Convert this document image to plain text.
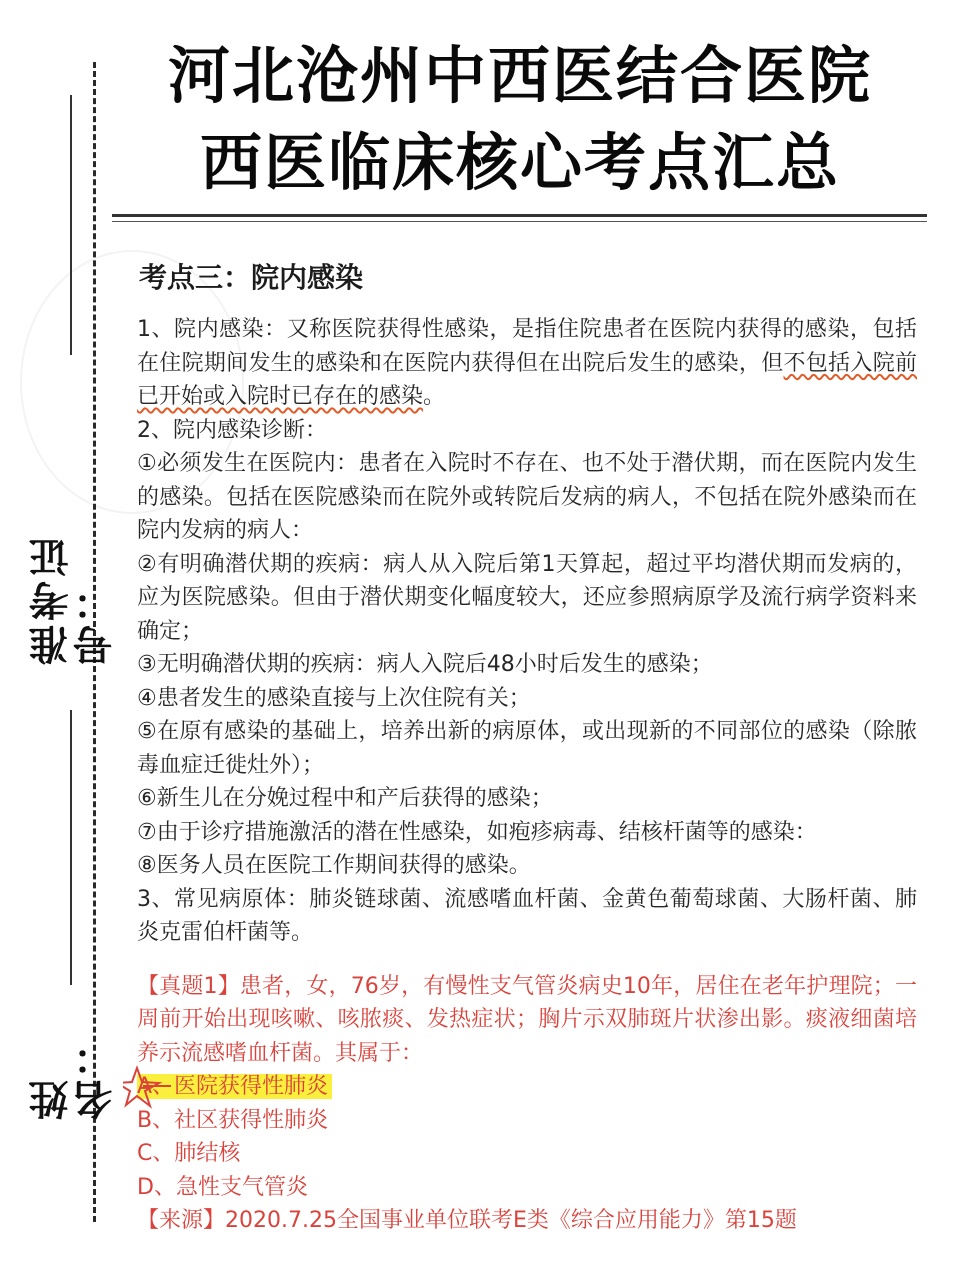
准考证号：
姓名：
河北沧州中西医结合医院
西医临床核心考点汇总
考点三：院内感染

1、院内感染：又称医院获得性感染，是指住院患者在医院内获得的感染，包括在住院期间发生的感染和在医院内获得但在出院后发生的感染，但不包括入院前已开始或入院时已存在的感染。

2、院内感染诊断：

①必须发生在医院内：患者在入院时不存在、也不处于潜伏期，而在医院内发生的感染。包括在医院感染而在院外或转院后发病的病人，不包括在院外感染而在院内发病的病人：

②有明确潜伏期的疾病：病人从入院后第1天算起，超过平均潜伏期而发病的，应为医院感染。但由于潜伏期变化幅度较大，还应参照病原学及流行病学资料来确定；

③无明确潜伏期的疾病：病人入院后48小时后发生的感染；

④患者发生的感染直接与上次住院有关；

⑤在原有感染的基础上，培养出新的病原体，或出现新的不同部位的感染（除脓毒血症迁徙灶外）；

⑥新生儿在分娩过程中和产后获得的感染；

⑦由于诊疗措施激活的潜在性感染，如疱疹病毒、结核杆菌等的感染：

⑧医务人员在医院工作期间获得的感染。

3、常见病原体：肺炎链球菌、流感嗜血杆菌、金黄色葡萄球菌、大肠杆菌、肺炎克雷伯杆菌等。

【真题1】患者，女，76岁，有慢性支气管炎病史10年，居住在老年护理院；一周前开始出现咳嗽、咳脓痰、发热症状；胸片示双肺斑片状渗出影。痰液细菌培养示流感嗜血杆菌。其属于：

A、医院获得性肺炎
B、社区获得性肺炎
C、肺结核
D、急性支气管炎

【来源】2020.7.25全国事业单位联考E类《综合应用能力》第15题
